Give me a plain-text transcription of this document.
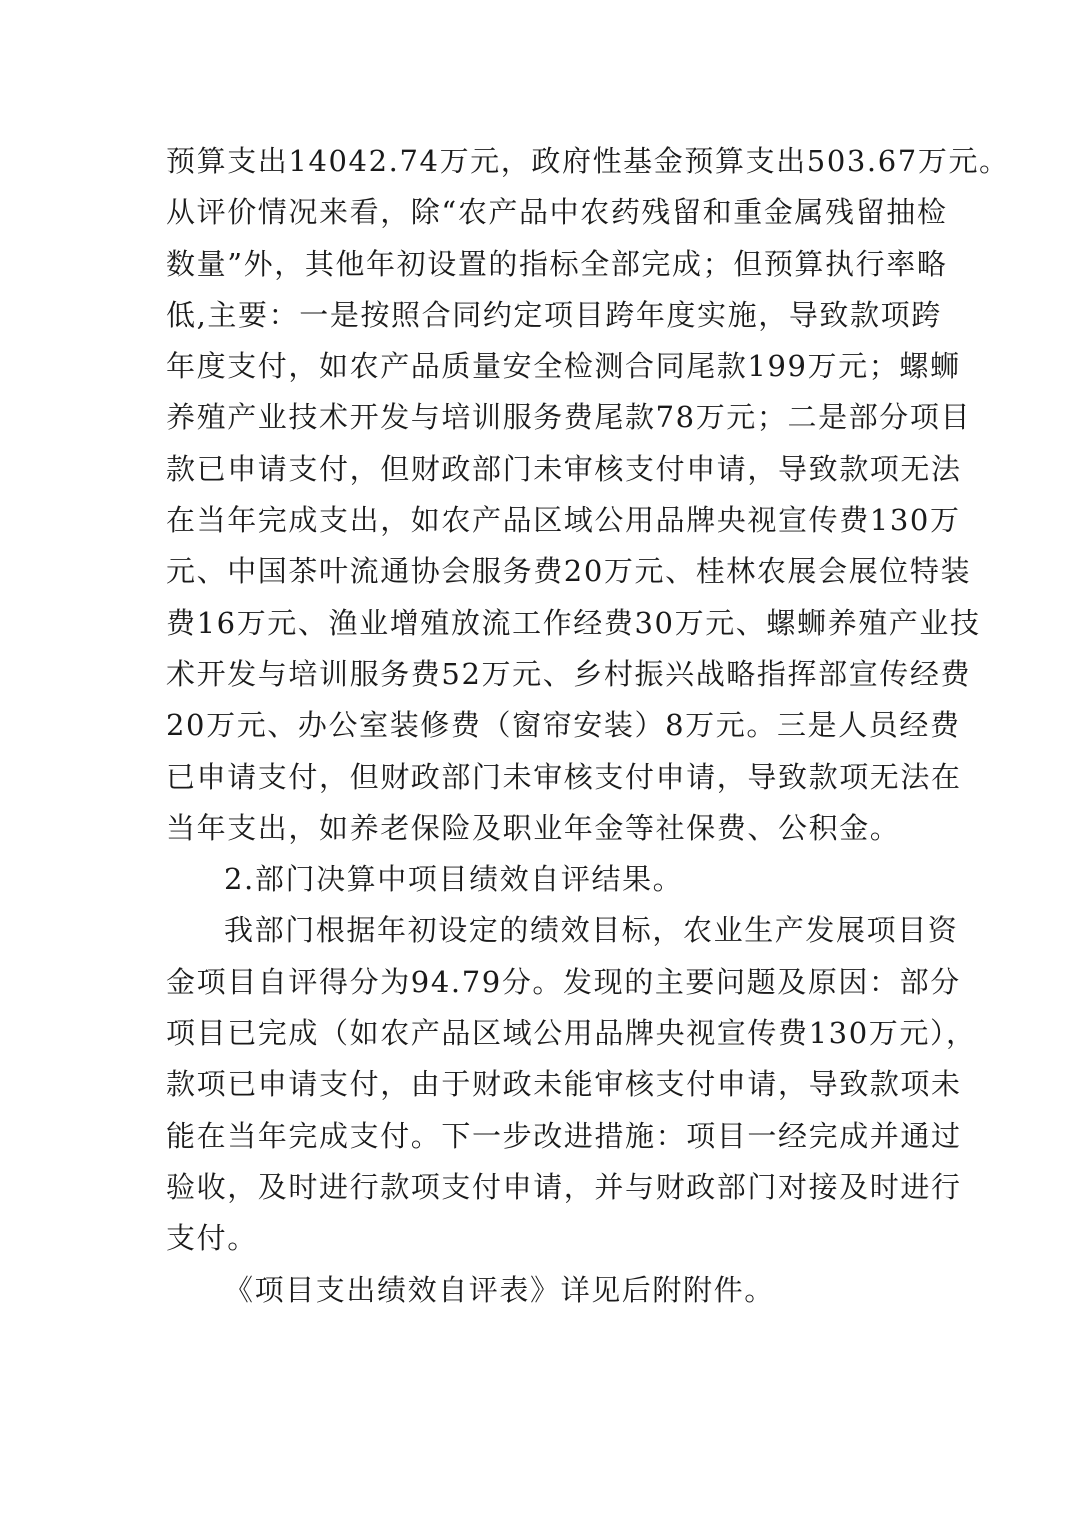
预算支出14042.74万元，政府性基金预算支出503.67万元。
从评价情况来看，除“农产品中农药残留和重金属残留抽检
数量”外，其他年初设置的指标全部完成；但预算执行率略
低,主要：一是按照合同约定项目跨年度实施，导致款项跨
年度支付，如农产品质量安全检测合同尾款199万元；螺蛳
养殖产业技术开发与培训服务费尾款78万元；二是部分项目
款已申请支付，但财政部门未审核支付申请，导致款项无法
在当年完成支出，如农产品区域公用品牌央视宣传费130万
元、中国茶叶流通协会服务费20万元、桂林农展会展位特装
费16万元、渔业增殖放流工作经费30万元、螺蛳养殖产业技
术开发与培训服务费52万元、乡村振兴战略指挥部宣传经费
20万元、办公室装修费（窗帘安装）8万元。三是人员经费
已申请支付，但财政部门未审核支付申请，导致款项无法在
当年支出，如养老保险及职业年金等社保费、公积金。
2.部门决算中项目绩效自评结果。
我部门根据年初设定的绩效目标，农业生产发展项目资
金项目自评得分为94.79分。发现的主要问题及原因：部分
项目已完成（如农产品区域公用品牌央视宣传费130万元），
款项已申请支付，由于财政未能审核支付申请，导致款项未
能在当年完成支付。下一步改进措施：项目一经完成并通过
验收，及时进行款项支付申请，并与财政部门对接及时进行
支付。
《项目支出绩效自评表》详见后附附件。
